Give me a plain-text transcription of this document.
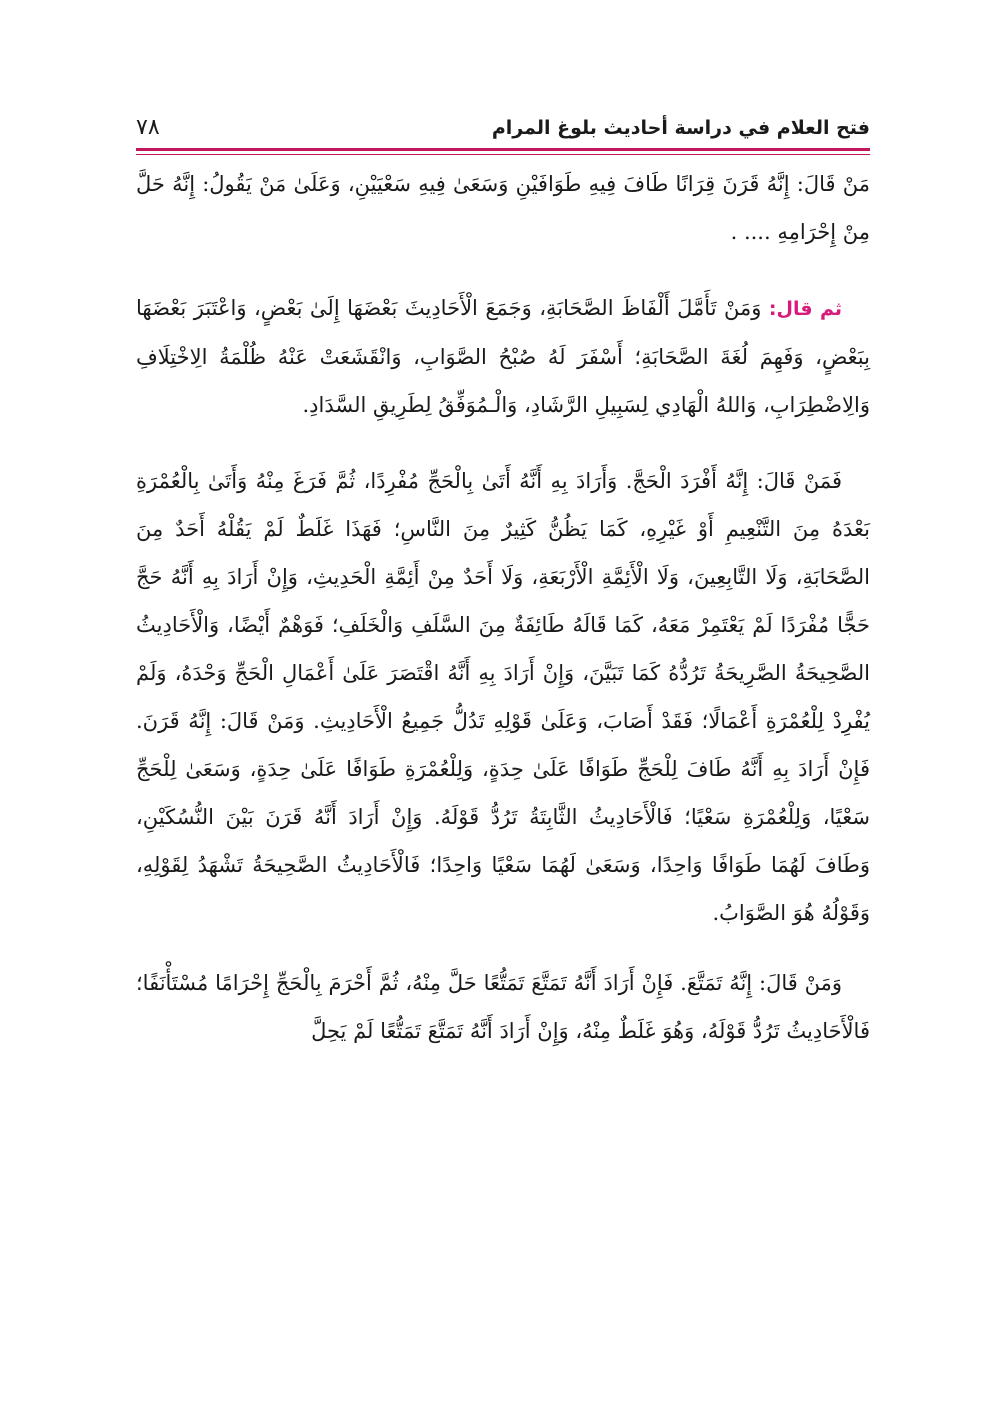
فتح العلام في دراسة أحاديث بلوغ المرام
٧٨

مَنْ قَالَ: إِنَّهُ قَرَنَ قِرَانًا طَافَ فِيهِ طَوَافَيْنِ وَسَعَىٰ فِيهِ سَعْيَيْنِ، وَعَلَىٰ مَنْ يَقُولُ: إِنَّهُ حَلَّ مِنْ إِحْرَامِهِ .... .

ثم قال: وَمَنْ تَأَمَّلَ أَلْفَاظَ الصَّحَابَةِ، وَجَمَعَ الْأَحَادِيثَ بَعْضَهَا إِلَىٰ بَعْضٍ، وَاعْتَبَرَ بَعْضَهَا بِبَعْضٍ، وَفَهِمَ لُغَةَ الصَّحَابَةِ؛ أَسْفَرَ لَهُ صُبْحُ الصَّوَابِ، وَانْقَشَعَتْ عَنْهُ ظُلْمَةُ الِاخْتِلَافِ وَالِاضْطِرَابِ، وَاللهُ الْهَادِي لِسَبِيلِ الرَّشَادِ، وَالْـمُوَفِّقُ لِطَرِيقِ السَّدَادِ.

فَمَنْ قَالَ: إِنَّهُ أَفْرَدَ الْحَجَّ. وَأَرَادَ بِهِ أَنَّهُ أَتَىٰ بِالْحَجِّ مُفْرِدًا، ثُمَّ فَرَغَ مِنْهُ وَأَتَىٰ بِالْعُمْرَةِ بَعْدَهُ مِنَ التَّنْعِيمِ أَوْ غَيْرِهِ، كَمَا يَظُنُّ كَثِيرٌ مِنَ النَّاسِ؛ فَهَذَا غَلَطٌ لَمْ يَقُلْهُ أَحَدٌ مِنَ الصَّحَابَةِ، وَلَا التَّابِعِينَ، وَلَا الْأَئِمَّةِ الْأَرْبَعَةِ، وَلَا أَحَدٌ مِنْ أَئِمَّةِ الْحَدِيثِ، وَإِنْ أَرَادَ بِهِ أَنَّهُ حَجَّ حَجًّا مُفْرَدًا لَمْ يَعْتَمِرْ مَعَهُ، كَمَا قَالَهُ طَائِفَةٌ مِنَ السَّلَفِ وَالْخَلَفِ؛ فَوَهْمٌ أَيْضًا، وَالْأَحَادِيثُ الصَّحِيحَةُ الصَّرِيحَةُ تَرُدُّهُ كَمَا تَبَيَّنَ، وَإِنْ أَرَادَ بِهِ أَنَّهُ اقْتَصَرَ عَلَىٰ أَعْمَالِ الْحَجِّ وَحْدَهُ، وَلَمْ يُفْرِدْ لِلْعُمْرَةِ أَعْمَالًا؛ فَقَدْ أَصَابَ، وَعَلَىٰ قَوْلِهِ تَدُلُّ جَمِيعُ الْأَحَادِيثِ. وَمَنْ قَالَ: إِنَّهُ قَرَنَ. فَإِنْ أَرَادَ بِهِ أَنَّهُ طَافَ لِلْحَجِّ طَوَافًا عَلَىٰ حِدَةٍ، وَلِلْعُمْرَةِ طَوَافًا عَلَىٰ حِدَةٍ، وَسَعَىٰ لِلْحَجِّ سَعْيًا، وَلِلْعُمْرَةِ سَعْيًا؛ فَالْأَحَادِيثُ الثَّابِتَةُ تَرُدُّ قَوْلَهُ. وَإِنْ أَرَادَ أَنَّهُ قَرَنَ بَيْنَ النُّسُكَيْنِ، وَطَافَ لَهُمَا طَوَافًا وَاحِدًا، وَسَعَىٰ لَهُمَا سَعْيًا وَاحِدًا؛ فَالْأَحَادِيثُ الصَّحِيحَةُ تَشْهَدُ لِقَوْلِهِ، وَقَوْلُهُ هُوَ الصَّوَابُ.

وَمَنْ قَالَ: إِنَّهُ تَمَتَّعَ. فَإِنْ أَرَادَ أَنَّهُ تَمَتَّعَ تَمَتُّعًا حَلَّ مِنْهُ، ثُمَّ أَحْرَمَ بِالْحَجِّ إِحْرَامًا مُسْتَأْنَفًا؛ فَالْأَحَادِيثُ تَرُدُّ قَوْلَهُ، وَهُوَ غَلَطٌ مِنْهُ، وَإِنْ أَرَادَ أَنَّهُ تَمَتَّعَ تَمَتُّعًا لَمْ يَحِلَّ
